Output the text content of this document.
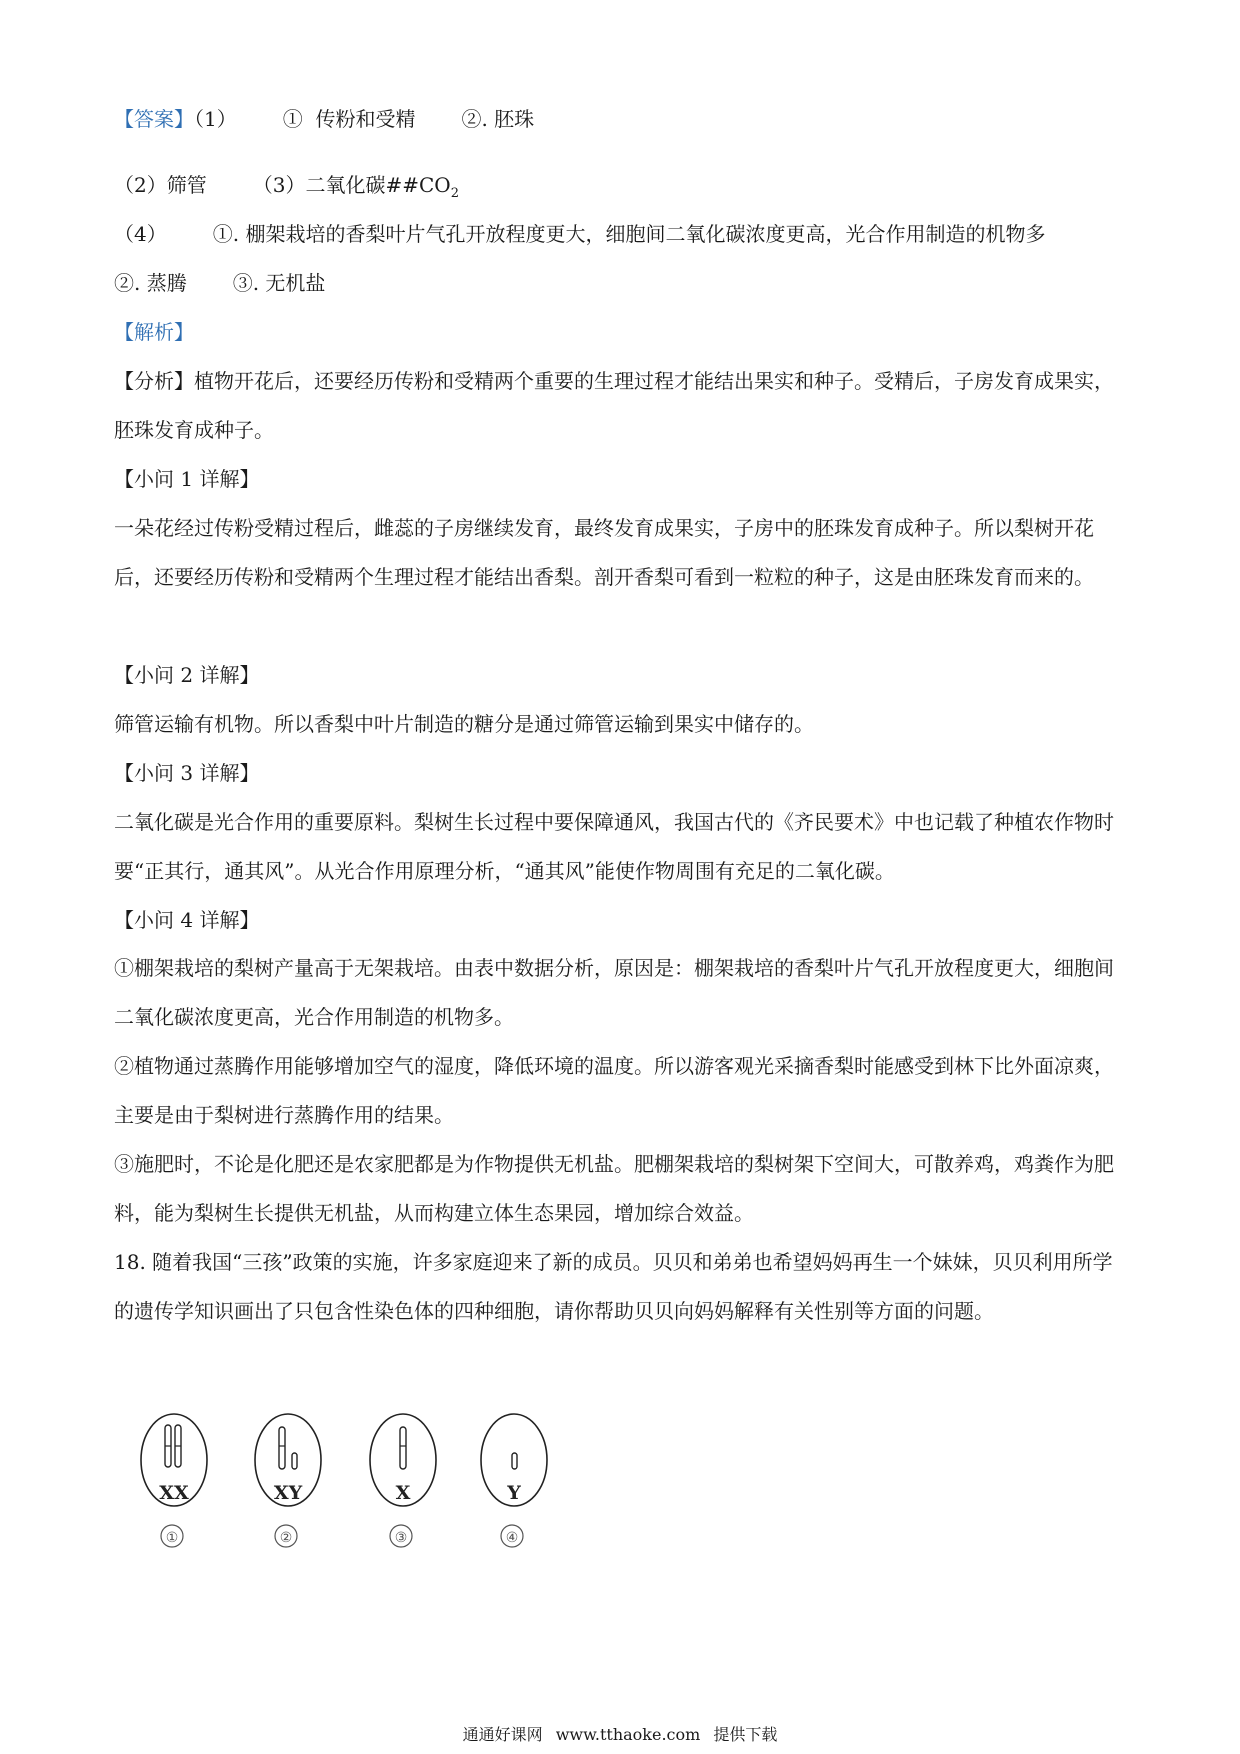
【答案】（1） ① 传粉和受精 ②. 胚珠
（2）筛管 （3）二氧化碳$\#\#CO_2$
（4） ①. 棚架栽培的香梨叶片气孔开放程度更大，细胞间二氧化碳浓度更高，光合作用制造的机物多
②. 蒸腾 ③. 无机盐
【解析】
【分析】植物开花后，还要经历传粉和受精两个重要的生理过程才能结出果实和种子。受精后，子房发育成果实，胚珠发育成种子。
【小问 1 详解】
一朵花经过传粉受精过程后，雌蕊的子房继续发育，最终发育成果实，子房中的胚珠发育成种子。所以梨树开花后，还要经历传粉和受精两个生理过程才能结出香梨。剖开香梨可看到一粒粒的种子，这是由胚珠发育而来的。
【小问 2 详解】
筛管运输有机物。所以香梨中叶片制造的糖分是通过筛管运输到果实中储存的。
【小问 3 详解】
二氧化碳是光合作用的重要原料。梨树生长过程中要保障通风，我国古代的《齐民要术》中也记载了种植农作物时要“正其行，通其风”。从光合作用原理分析，“通其风”能使作物周围有充足的二氧化碳。
【小问 4 详解】
①棚架栽培的梨树产量高于无架栽培。由表中数据分析，原因是：棚架栽培的香梨叶片气孔开放程度更大，细胞间二氧化碳浓度更高，光合作用制造的机物多。
②植物通过蒸腾作用能够增加空气的湿度，降低环境的温度。所以游客观光采摘香梨时能感受到林下比外面凉爽，主要是由于梨树进行蒸腾作用的结果。
③施肥时，不论是化肥还是农家肥都是为作物提供无机盐。肥棚架栽培的梨树架下空间大，可散养鸡，鸡粪作为肥料，能为梨树生长提供无机盐，从而构建立体生态果园，增加综合效益。
18. 随着我国“三孩”政策的实施，许多家庭迎来了新的成员。贝贝和弟弟也希望妈妈再生一个妹妹，贝贝利用所学的遗传学知识画出了只包含性染色体的四种细胞，请你帮助贝贝向妈妈解释有关性别等方面的问题。
XX
①
XY
②
X
③
Y
④
通通好课网 www.tthaoke.com 提供下载
